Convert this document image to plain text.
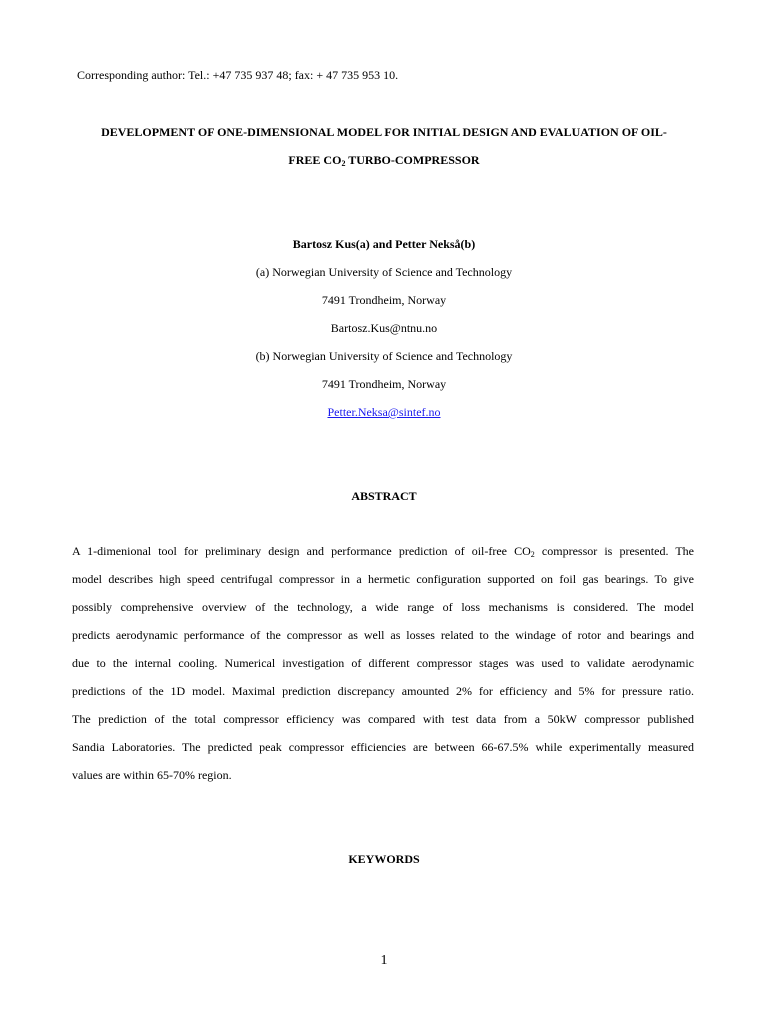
Corresponding author: Tel.: +47 735 937 48; fax: + 47 735 953 10.
DEVELOPMENT OF ONE-DIMENSIONAL MODEL FOR INITIAL DESIGN AND EVALUATION OF OIL-
FREE $CO_2$ TURBO-COMPRESSOR
Bartosz Kus(a) and Petter Nekså(b)
(a) Norwegian University of Science and Technology
7491 Trondheim, Norway
Bartosz.Kus@ntnu.no
(b) Norwegian University of Science and Technology
7491 Trondheim, Norway
Petter.Neksa@sintef.no
ABSTRACT
A 1-dimenional tool for preliminary design and performance prediction of oil-free $CO_2$ compressor is presented. The
model describes high speed centrifugal compressor in a hermetic configuration supported on foil gas bearings. To give
possibly comprehensive overview of the technology, a wide range of loss mechanisms is considered. The model
predicts aerodynamic performance of the compressor as well as losses related to the windage of rotor and bearings and
due to the internal cooling. Numerical investigation of different compressor stages was used to validate aerodynamic
predictions of the 1D model. Maximal prediction discrepancy amounted 2% for efficiency and 5% for pressure ratio.
The prediction of the total compressor efficiency was compared with test data from a 50kW compressor published
Sandia Laboratories. The predicted peak compressor efficiencies are between 66-67.5% while experimentally measured
values are within 65-70% region.
KEYWORDS
1
